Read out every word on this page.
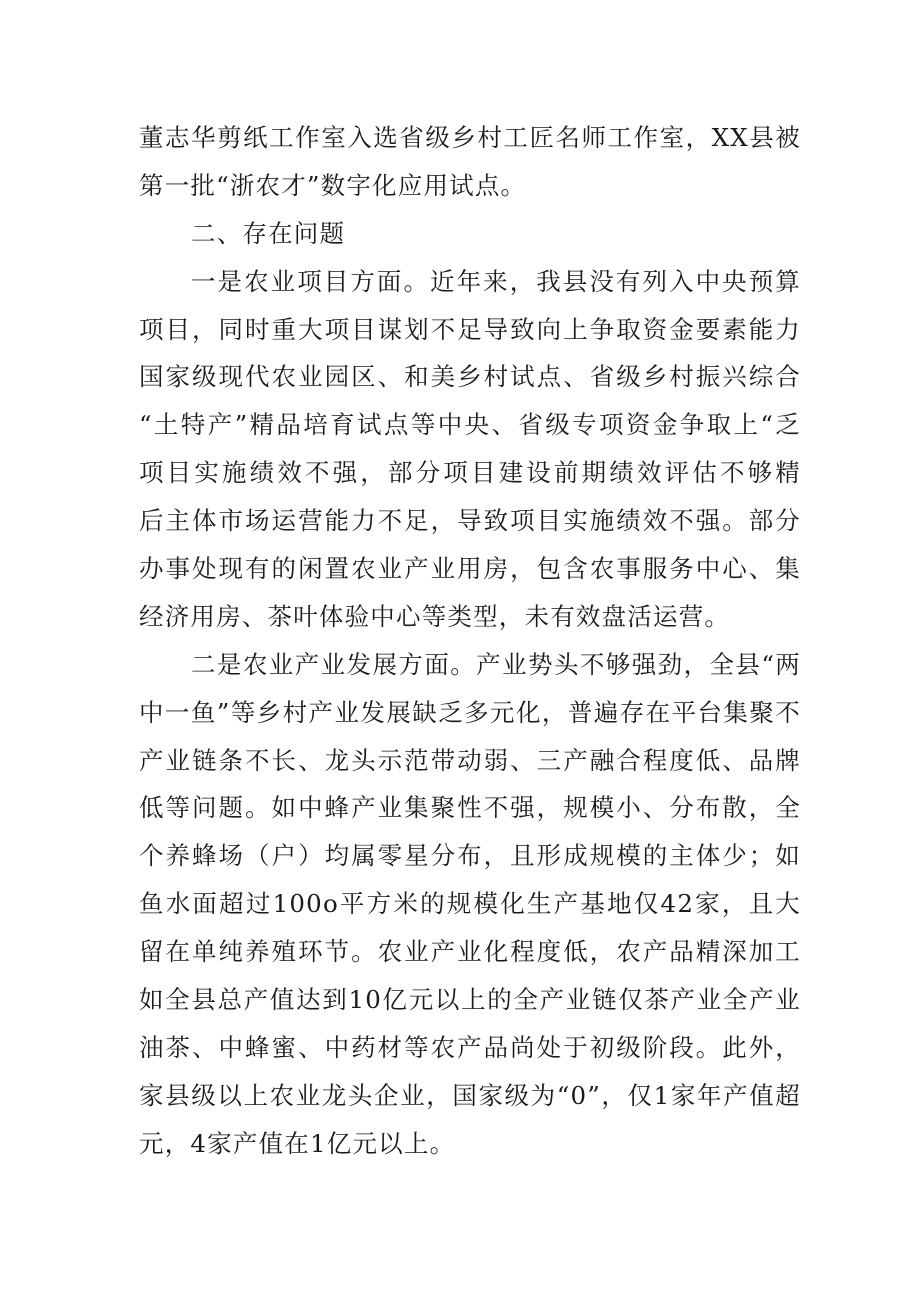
董志华剪纸工作室入选省级乡村工匠名师工作室，XX县被
第一批“浙农才”数字化应用试点。
二、存在问题
一是农业项目方面。近年来，我县没有列入中央预算
项目，同时重大项目谋划不足导致向上争取资金要素能力
国家级现代农业园区、和美乡村试点、省级乡村振兴综合
“土特产”精品培育试点等中央、省级专项资金争取上“乏
项目实施绩效不强，部分项目建设前期绩效评估不够精
后主体市场运营能力不足，导致项目实施绩效不强。部分
办事处现有的闲置农业产业用房，包含农事服务中心、集
经济用房、茶叶体验中心等类型，未有效盘活运营。
二是农业产业发展方面。产业势头不够强劲，全县“两
中一鱼”等乡村产业发展缺乏多元化，普遍存在平台集聚不
产业链条不长、龙头示范带动弱、三产融合程度低、品牌
低等问题。如中蜂产业集聚性不强，规模小、分布散，全
个养蜂场（户）均属零星分布，且形成规模的主体少；如
鱼水面超过100o平方米的规模化生产基地仅42家，且大
留在单纯养殖环节。农业产业化程度低，农产品精深加工
如全县总产值达到10亿元以上的全产业链仅茶产业全产业
油茶、中蜂蜜、中药材等农产品尚处于初级阶段。此外，
家县级以上农业龙头企业，国家级为“0”，仅1家年产值超
元，4家产值在1亿元以上。
